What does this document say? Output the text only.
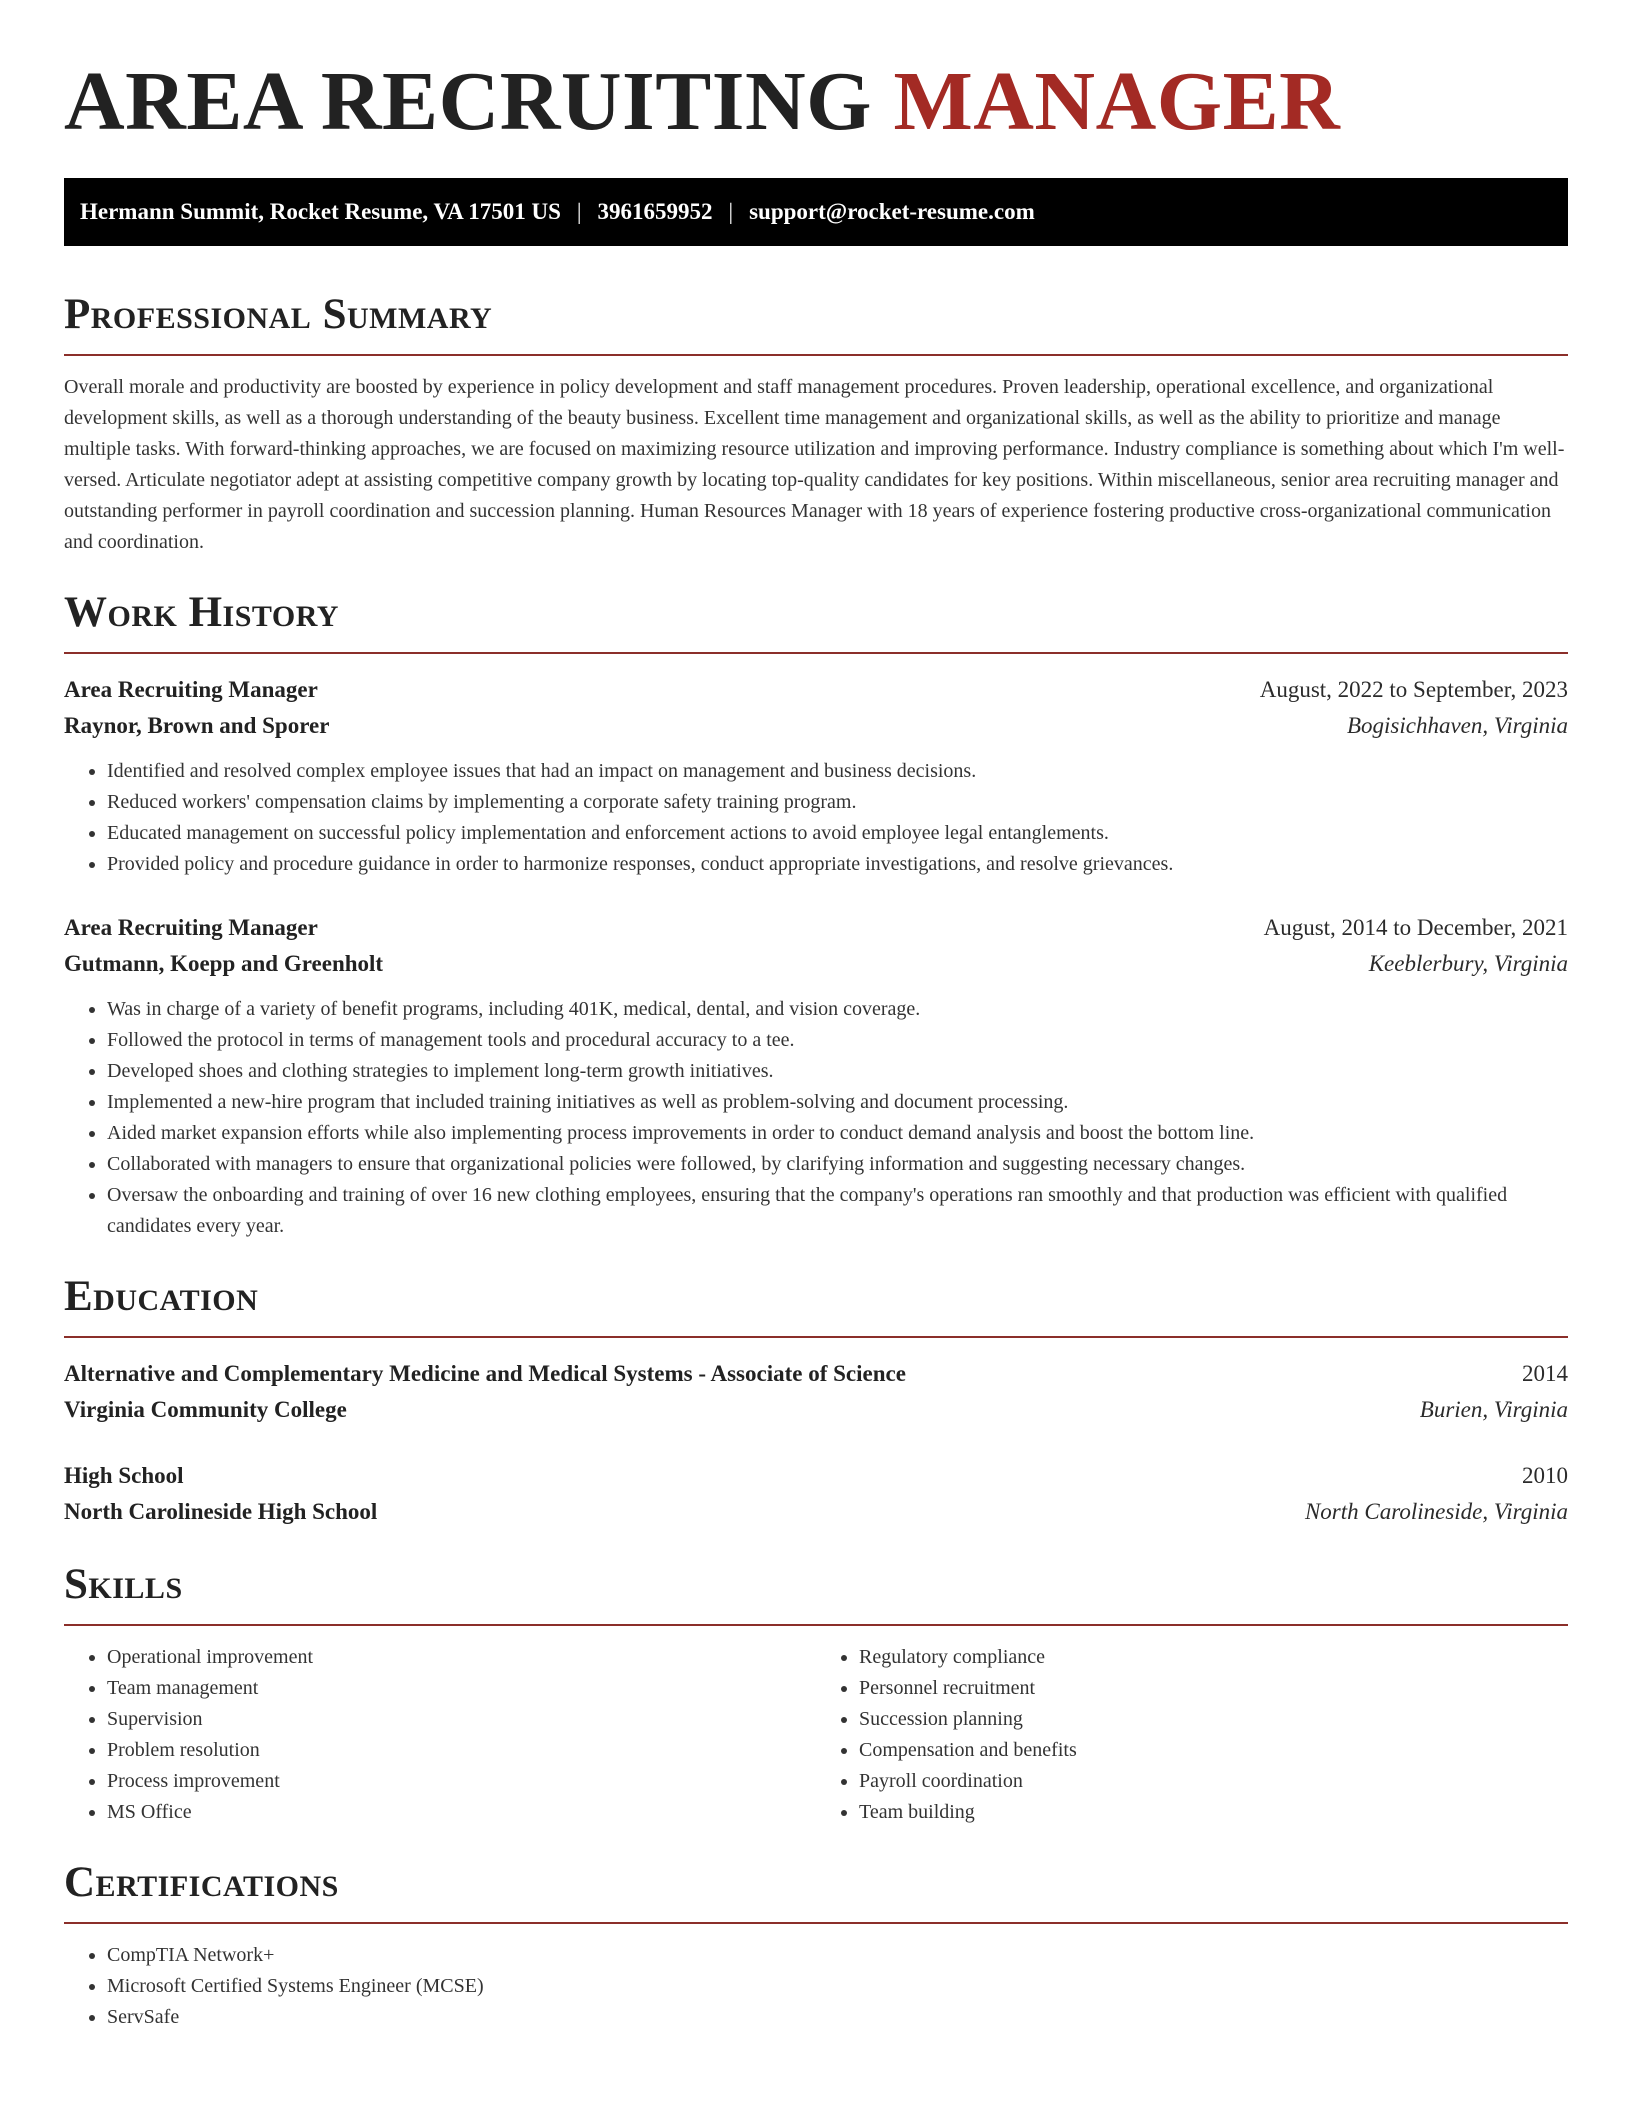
AREA RECRUITING MANAGER
Hermann Summit, Rocket Resume, VA 17501 US | 3961659952 | support@rocket-resume.com
Professional Summary

Overall morale and productivity are boosted by experience in policy development and staff management procedures. Proven leadership, operational excellence, and organizational development skills, as well as a thorough understanding of the beauty business. Excellent time management and organizational skills, as well as the ability to prioritize and manage multiple tasks. With forward-thinking approaches, we are focused on maximizing resource utilization and improving performance. Industry compliance is something about which I'm well-versed. Articulate negotiator adept at assisting competitive company growth by locating top-quality candidates for key positions. Within miscellaneous, senior area recruiting manager and outstanding performer in payroll coordination and succession planning. Human Resources Manager with 18 years of experience fostering productive cross-organizational communication and coordination.

Work History
Area Recruiting Manager	August, 2022 to September, 2023
Raynor, Brown and Sporer	Bogisichhaven, Virginia
• Identified and resolved complex employee issues that had an impact on management and business decisions.
• Reduced workers' compensation claims by implementing a corporate safety training program.
• Educated management on successful policy implementation and enforcement actions to avoid employee legal entanglements.
• Provided policy and procedure guidance in order to harmonize responses, conduct appropriate investigations, and resolve grievances.
Area Recruiting Manager	August, 2014 to December, 2021
Gutmann, Koepp and Greenholt	Keeblerbury, Virginia
• Was in charge of a variety of benefit programs, including 401K, medical, dental, and vision coverage.
• Followed the protocol in terms of management tools and procedural accuracy to a tee.
• Developed shoes and clothing strategies to implement long-term growth initiatives.
• Implemented a new-hire program that included training initiatives as well as problem-solving and document processing.
• Aided market expansion efforts while also implementing process improvements in order to conduct demand analysis and boost the bottom line.
• Collaborated with managers to ensure that organizational policies were followed, by clarifying information and suggesting necessary changes.
• Oversaw the onboarding and training of over 16 new clothing employees, ensuring that the company's operations ran smoothly and that production was efficient with qualified candidates every year.
Education
Alternative and Complementary Medicine and Medical Systems - Associate of Science	2014
Virginia Community College	Burien, Virginia
High School	2010
North Carolineside High School	North Carolineside, Virginia
Skills
• Operational improvement
• Team management
• Supervision
• Problem resolution
• Process improvement
• MS Office
• Regulatory compliance
• Personnel recruitment
• Succession planning
• Compensation and benefits
• Payroll coordination
• Team building
Certifications
• CompTIA Network+
• Microsoft Certified Systems Engineer (MCSE)
• ServSafe
